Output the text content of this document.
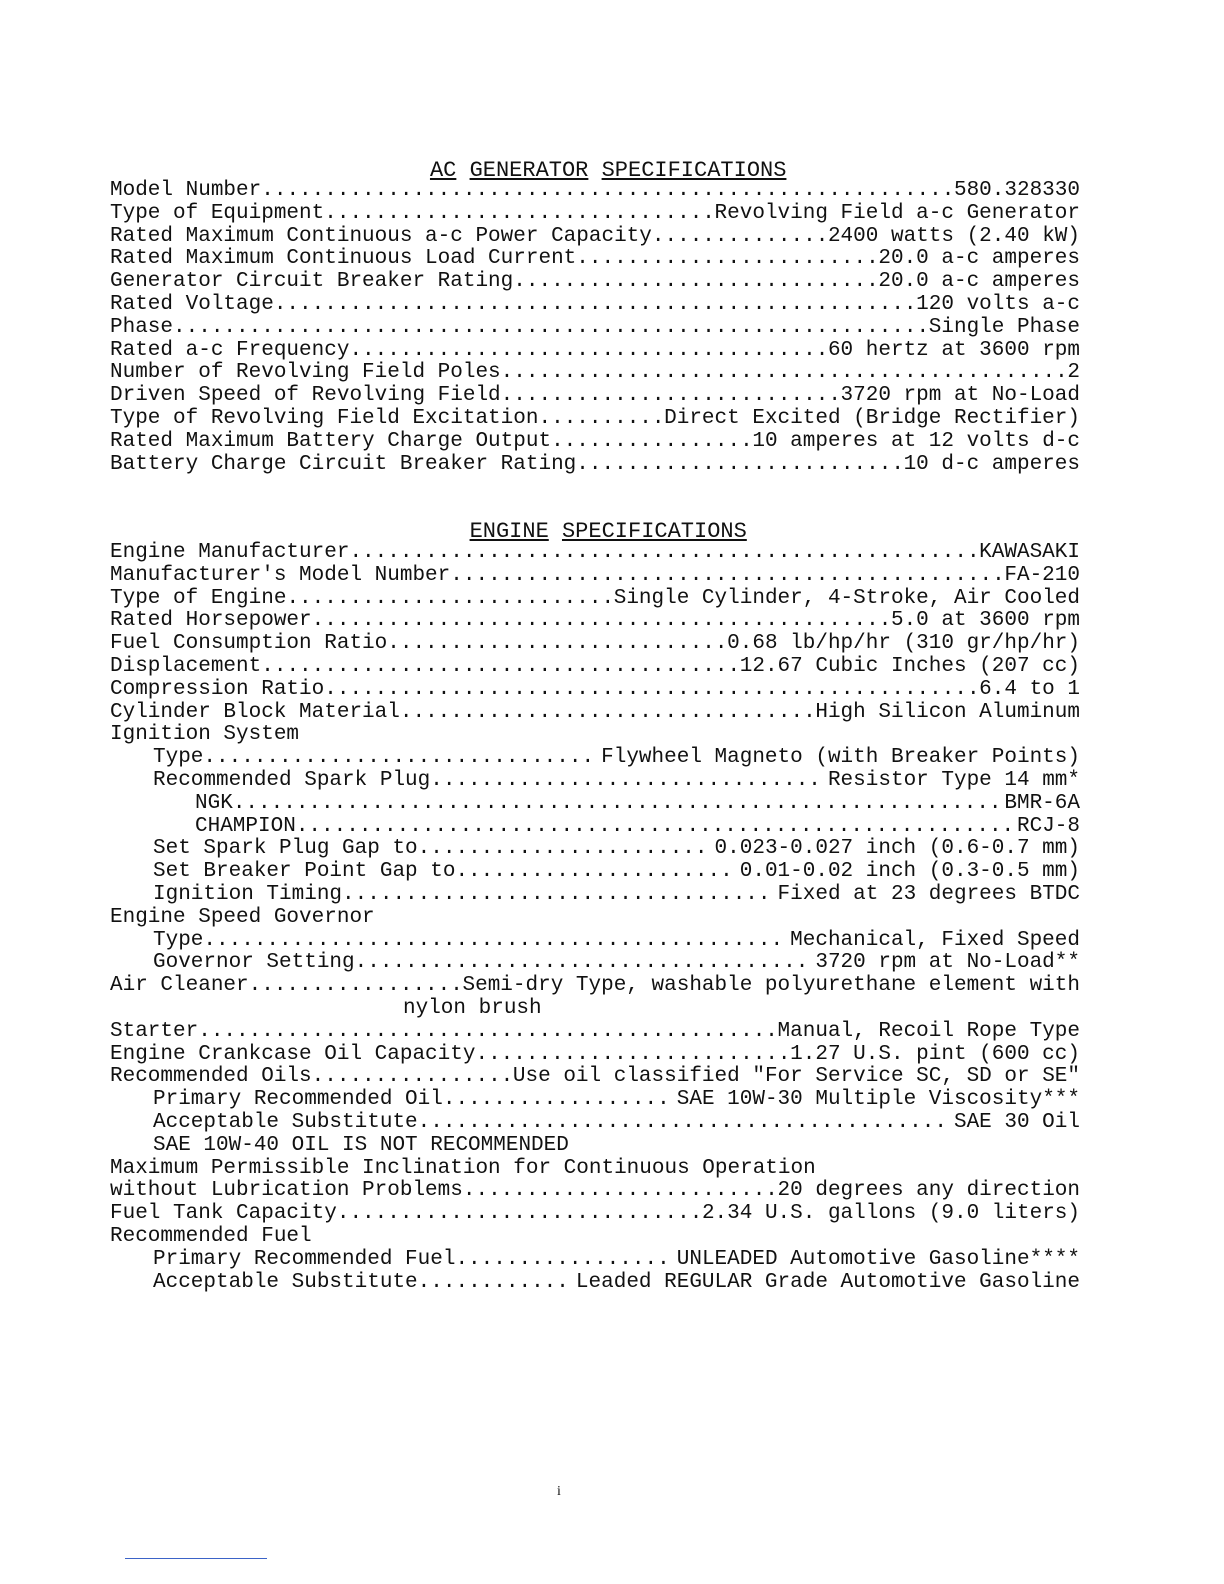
AC GENERATOR SPECIFICATIONS

Model Number .....	580.328330
Type of Equipment .....	Revolving Field a-c Generator
Rated Maximum Continuous a-c Power Capacity .....	2400 watts (2.40 kW)
Rated Maximum Continuous Load Current .....	20.0 a-c amperes
Generator Circuit Breaker Rating .....	20.0 a-c amperes
Rated Voltage .....	120 volts a-c
Phase .....	Single Phase
Rated a-c Frequency .....	60 hertz at 3600 rpm
Number of Revolving Field Poles .....	2
Driven Speed of Revolving Field .....	3720 rpm at No-Load
Type of Revolving Field Excitation.. .....	Direct Excited (Bridge Rectifier)
Rated Maximum Battery Charge Output .....	10 amperes at 12 volts d-c
Battery Charge Circuit Breaker Rating .....	10 d-c amperes

ENGINE SPECIFICATIONS

Engine Manufacturer .....	KAWASAKI
Manufacturer's Model Number .....	FA-210
Type of Engine .....	Single Cylinder, 4-Stroke, Air Cooled
Rated Horsepower .....	5.0 at 3600 rpm
Fuel Consumption Ratio .....	0.68 lb/hp/hr (310 gr/hp/hr)
Displacement .....	12.67 Cubic Inches (207 cc)
Compression Ratio .....	6.4 to 1
Cylinder Block Material .....	High Silicon Aluminum
Ignition System
Type .....	Flywheel Magneto (with Breaker Points)
Recommended Spark Plug .....	Resistor Type 14 mm*
NGK .....	BMR-6A
CHAMPION .....	RCJ-8
Set Spark Plug Gap to .....	0.023-0.027 inch (0.6-0.7 mm)
Set Breaker Point Gap to .....	0.01-0.02 inch (0.3-0.5 mm)
Ignition Timing .....	Fixed at 23 degrees BTDC
Engine Speed Governor
Type .....	Mechanical, Fixed Speed
Governor Setting .....	3720 rpm at No-Load**
Air Cleaner .....	Semi-dry Type, washable polyurethane element with
nylon brush
Starter .....	Manual, Recoil Rope Type
Engine Crankcase Oil Capacity .....	1.27 U.S. pint (600 cc)
Recommended Oils .....	Use oil classified "For Service SC, SD or SE"
Primary Recommended Oil .....	SAE 10W-30 Multiple Viscosity***
Acceptable Substitute .....	SAE 30 Oil
SAE 10W-40 OIL IS NOT RECOMMENDED
Maximum Permissible Inclination for Continuous Operation
without Lubrication Problems .....	20 degrees any direction
Fuel Tank Capacity .....	2.34 U.S. gallons (9.0 liters)
Recommended Fuel
Primary Recommended Fuel .....	UNLEADED Automotive Gasoline****
Acceptable Substitute .....	Leaded REGULAR Grade Automotive Gasoline
i
